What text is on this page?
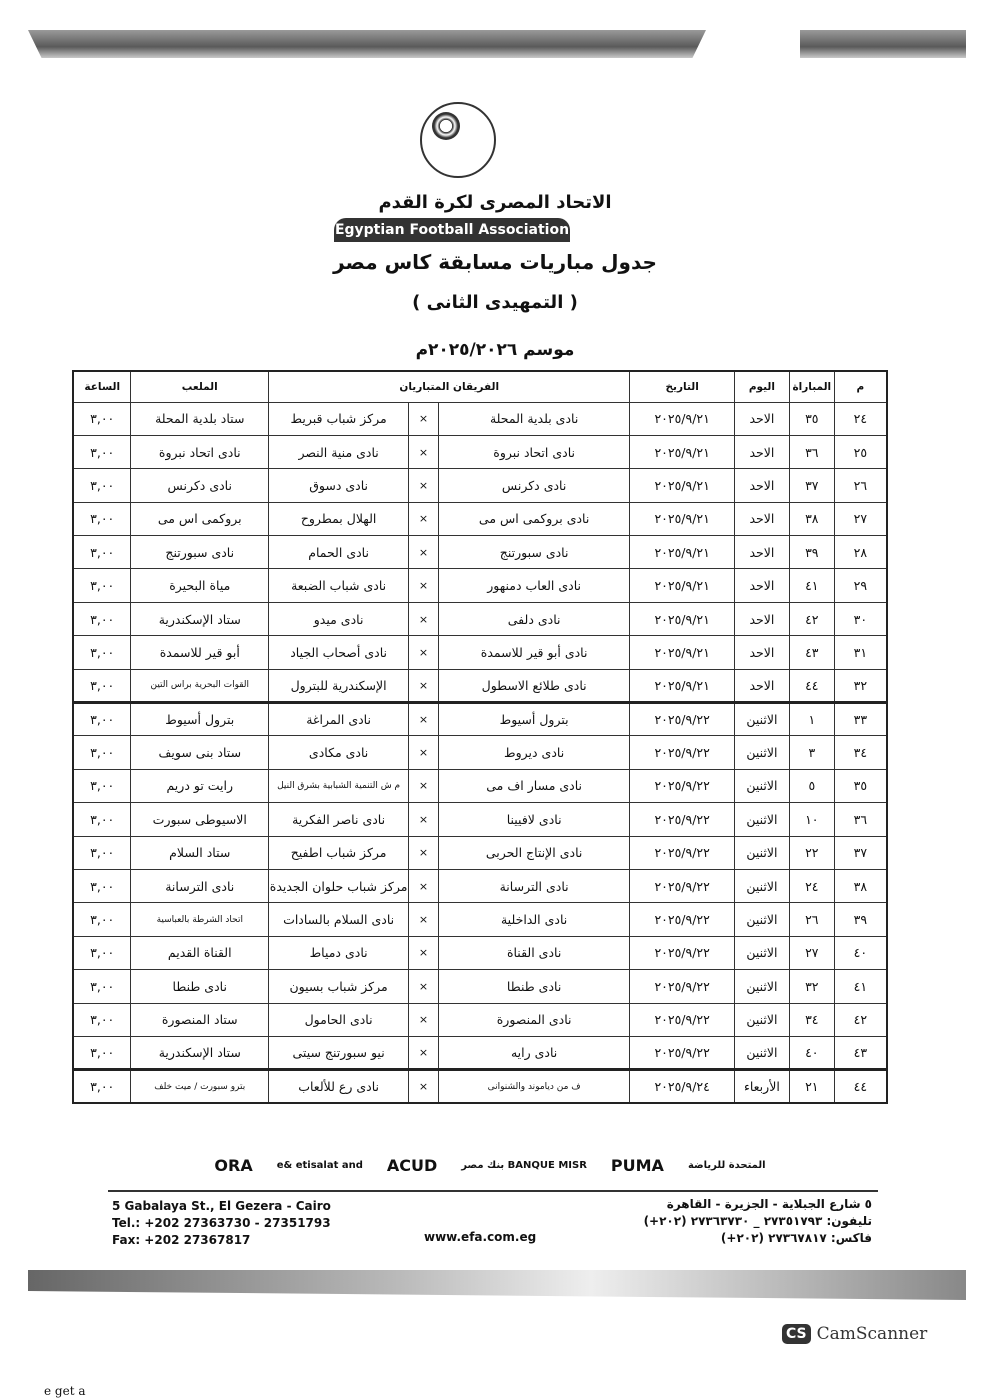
الاتحاد المصرى لكرة القدم
Egyptian Football Association
جدول مباريات مسابقة كاس مصر
( التمهيدى الثانى )
موسم ٢٠٢٥/٢٠٢٦م
م	المباراة	اليوم	التاريخ	الفريقان المتباريان			الملعب	الساعة
٢٤	٣٥	الاحد	٢٠٢٥/٩/٢١	نادى بلدية المحلة	×	مركز شباب قبريط	ستاد بلدية المحلة	٣,٠٠
٢٥	٣٦	الاحد	٢٠٢٥/٩/٢١	نادى اتحاد نبروة	×	نادى منية النصر	نادى اتحاد نبروة	٣,٠٠
٢٦	٣٧	الاحد	٢٠٢٥/٩/٢١	نادى دكرنس	×	نادى دسوق	نادى دكرنس	٣,٠٠
٢٧	٣٨	الاحد	٢٠٢٥/٩/٢١	نادى بروكمى اس مى	×	الهلال بمطروح	بروكمى اس مى	٣,٠٠
٢٨	٣٩	الاحد	٢٠٢٥/٩/٢١	نادى سبورتنج	×	نادى الحمام	نادى سبورتنج	٣,٠٠
٢٩	٤١	الاحد	٢٠٢٥/٩/٢١	نادى العاب دمنهور	×	نادى شباب الضبعة	مياة البحيرة	٣,٠٠
٣٠	٤٢	الاحد	٢٠٢٥/٩/٢١	نادى دلفى	×	نادى ميدو	ستاد الإسكندرية	٣,٠٠
٣١	٤٣	الاحد	٢٠٢٥/٩/٢١	نادى أبو قير للاسمدة	×	نادى أصحاب الجياد	أبو قير للاسمدة	٣,٠٠
٣٢	٤٤	الاحد	٢٠٢٥/٩/٢١	نادى طلائع الاسطول	×	الإسكندرية للبترول	القوات البحرية براس التين	٣,٠٠
٣٣	١	الاثنين	٢٠٢٥/٩/٢٢	بترول أسيوط	×	نادى المراغة	بترول أسيوط	٣,٠٠
٣٤	٣	الاثنين	٢٠٢٥/٩/٢٢	نادى ديروط	×	نادى مكادى	ستاد بنى سويف	٣,٠٠
٣٥	٥	الاثنين	٢٠٢٥/٩/٢٢	نادى مسار اف مى	×	م ش التنمية الشبابية بشرق النيل	رايت تو دريم	٣,٠٠
٣٦	١٠	الاثنين	٢٠٢٥/٩/٢٢	نادى لافيينا	×	نادى ناصر الفكرية	الاسيوطى سبورت	٣,٠٠
٣٧	٢٢	الاثنين	٢٠٢٥/٩/٢٢	نادى الإنتاج الحربى	×	مركز شباب اطفيح	ستاد السلام	٣,٠٠
٣٨	٢٤	الاثنين	٢٠٢٥/٩/٢٢	نادى الترسانة	×	مركز شباب حلوان الجديدة	نادى الترسانة	٣,٠٠
٣٩	٢٦	الاثنين	٢٠٢٥/٩/٢٢	نادى الداخلية	×	نادى السلام بالسادات	اتحاد الشرطة بالعباسية	٣,٠٠
٤٠	٢٧	الاثنين	٢٠٢٥/٩/٢٢	نادى القناة	×	نادى دمياط	القناة القديم	٣,٠٠
٤١	٣٢	الاثنين	٢٠٢٥/٩/٢٢	نادى طنطا	×	مركز شباب بسيون	نادى طنطا	٣,٠٠
٤٢	٣٤	الاثنين	٢٠٢٥/٩/٢٢	نادى المنصورة	×	نادى الحامول	ستاد المنصورة	٣,٠٠
٤٣	٤٠	الاثنين	٢٠٢٥/٩/٢٢	نادى رايه	×	نيو سبورتنج سيتى	ستاد الإسكندرية	٣,٠٠
٤٤	٢١	الأربعاء	٢٠٢٥/٩/٢٤	ف من دياموند والشنوانى	×	نادى رع للألعاب	بترو سبورت / ميت خلف	٣,٠٠
ORA e& etisalat and ACUD بنك مصر BANQUE MISR PUMA المتحدة للرياضة
5 Gabalaya St., El Gezera - Cairo
Tel.: +202 27363730 - 27351793
Fax: +202 27367817
٥ شارع الجبلاية - الجزيرة - القاهرة
تليفون: ٢٧٣٥١٧٩٣ _ ٢٧٣٦٣٧٣٠ (٢٠٢+)
فاكس: ٢٧٣٦٧٨١٧ (٢٠٢+)
www.efa.com.eg
CS CamScanner
e get a
